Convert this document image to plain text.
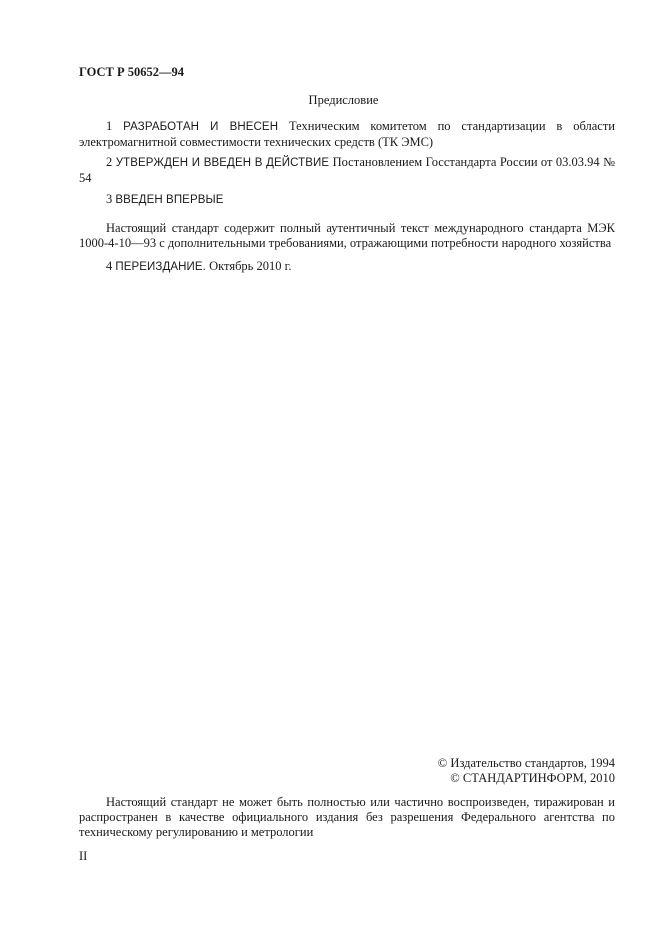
ГОСТ Р 50652—94
Предисловие
1 РАЗРАБОТАН И ВНЕСЕН Техническим комитетом по стандартизации в области электромагнитной совместимости технических средств (ТК ЭМС)
2 УТВЕРЖДЕН И ВВЕДЕН В ДЕЙСТВИЕ Постановлением Госстандарта России от 03.03.94 № 54
3 ВВЕДЕН ВПЕРВЫЕ
Настоящий стандарт содержит полный аутентичный текст международного стандарта МЭК 1000-4-10—93 с дополнительными требованиями, отражающими потребности народного хозяйства
4 ПЕРЕИЗДАНИЕ. Октябрь 2010 г.
© Издательство стандартов, 1994
© СТАНДАРТИНФОРМ, 2010
Настоящий стандарт не может быть полностью или частично воспроизведен, тиражирован и распространен в качестве официального издания без разрешения Федерального агентства по техническому регулированию и метрологии
II
